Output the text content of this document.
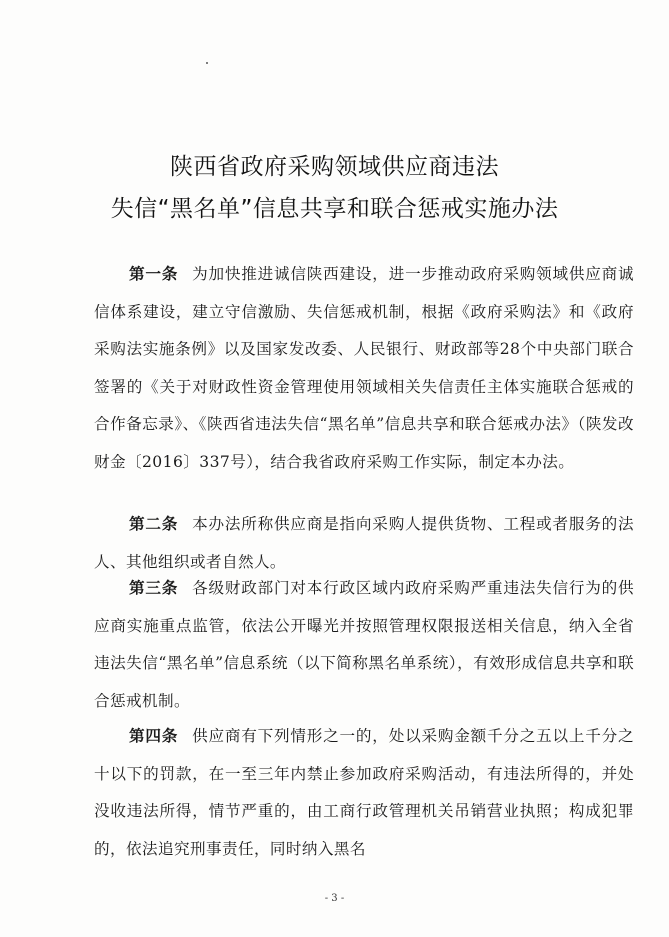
陕西省政府采购领域供应商违法
失信“黑名单”信息共享和联合惩戒实施办法

第一条 为加快推进诚信陕西建设，进一步推动政府采购领域供应商诚信体系建设，建立守信激励、失信惩戒机制，根据《政府采购法》和《政府采购法实施条例》以及国家发改委、人民银行、财政部等28个中央部门联合签署的《关于对财政性资金管理使用领域相关失信责任主体实施联合惩戒的合作备忘录》、《陕西省违法失信“黑名单”信息共享和联合惩戒办法》（陕发改财金〔2016〕337号），结合我省政府采购工作实际，制定本办法。

第二条 本办法所称供应商是指向采购人提供货物、工程或者服务的法人、其他组织或者自然人。

第三条 各级财政部门对本行政区域内政府采购严重违法失信行为的供应商实施重点监管，依法公开曝光并按照管理权限报送相关信息，纳入全省违法失信“黑名单”信息系统（以下简称黑名单系统），有效形成信息共享和联合惩戒机制。

第四条 供应商有下列情形之一的，处以采购金额千分之五以上千分之十以下的罚款，在一至三年内禁止参加政府采购活动，有违法所得的，并处没收违法所得，情节严重的，由工商行政管理机关吊销营业执照；构成犯罪的，依法追究刑事责任，同时纳入黑名

- 3 -
